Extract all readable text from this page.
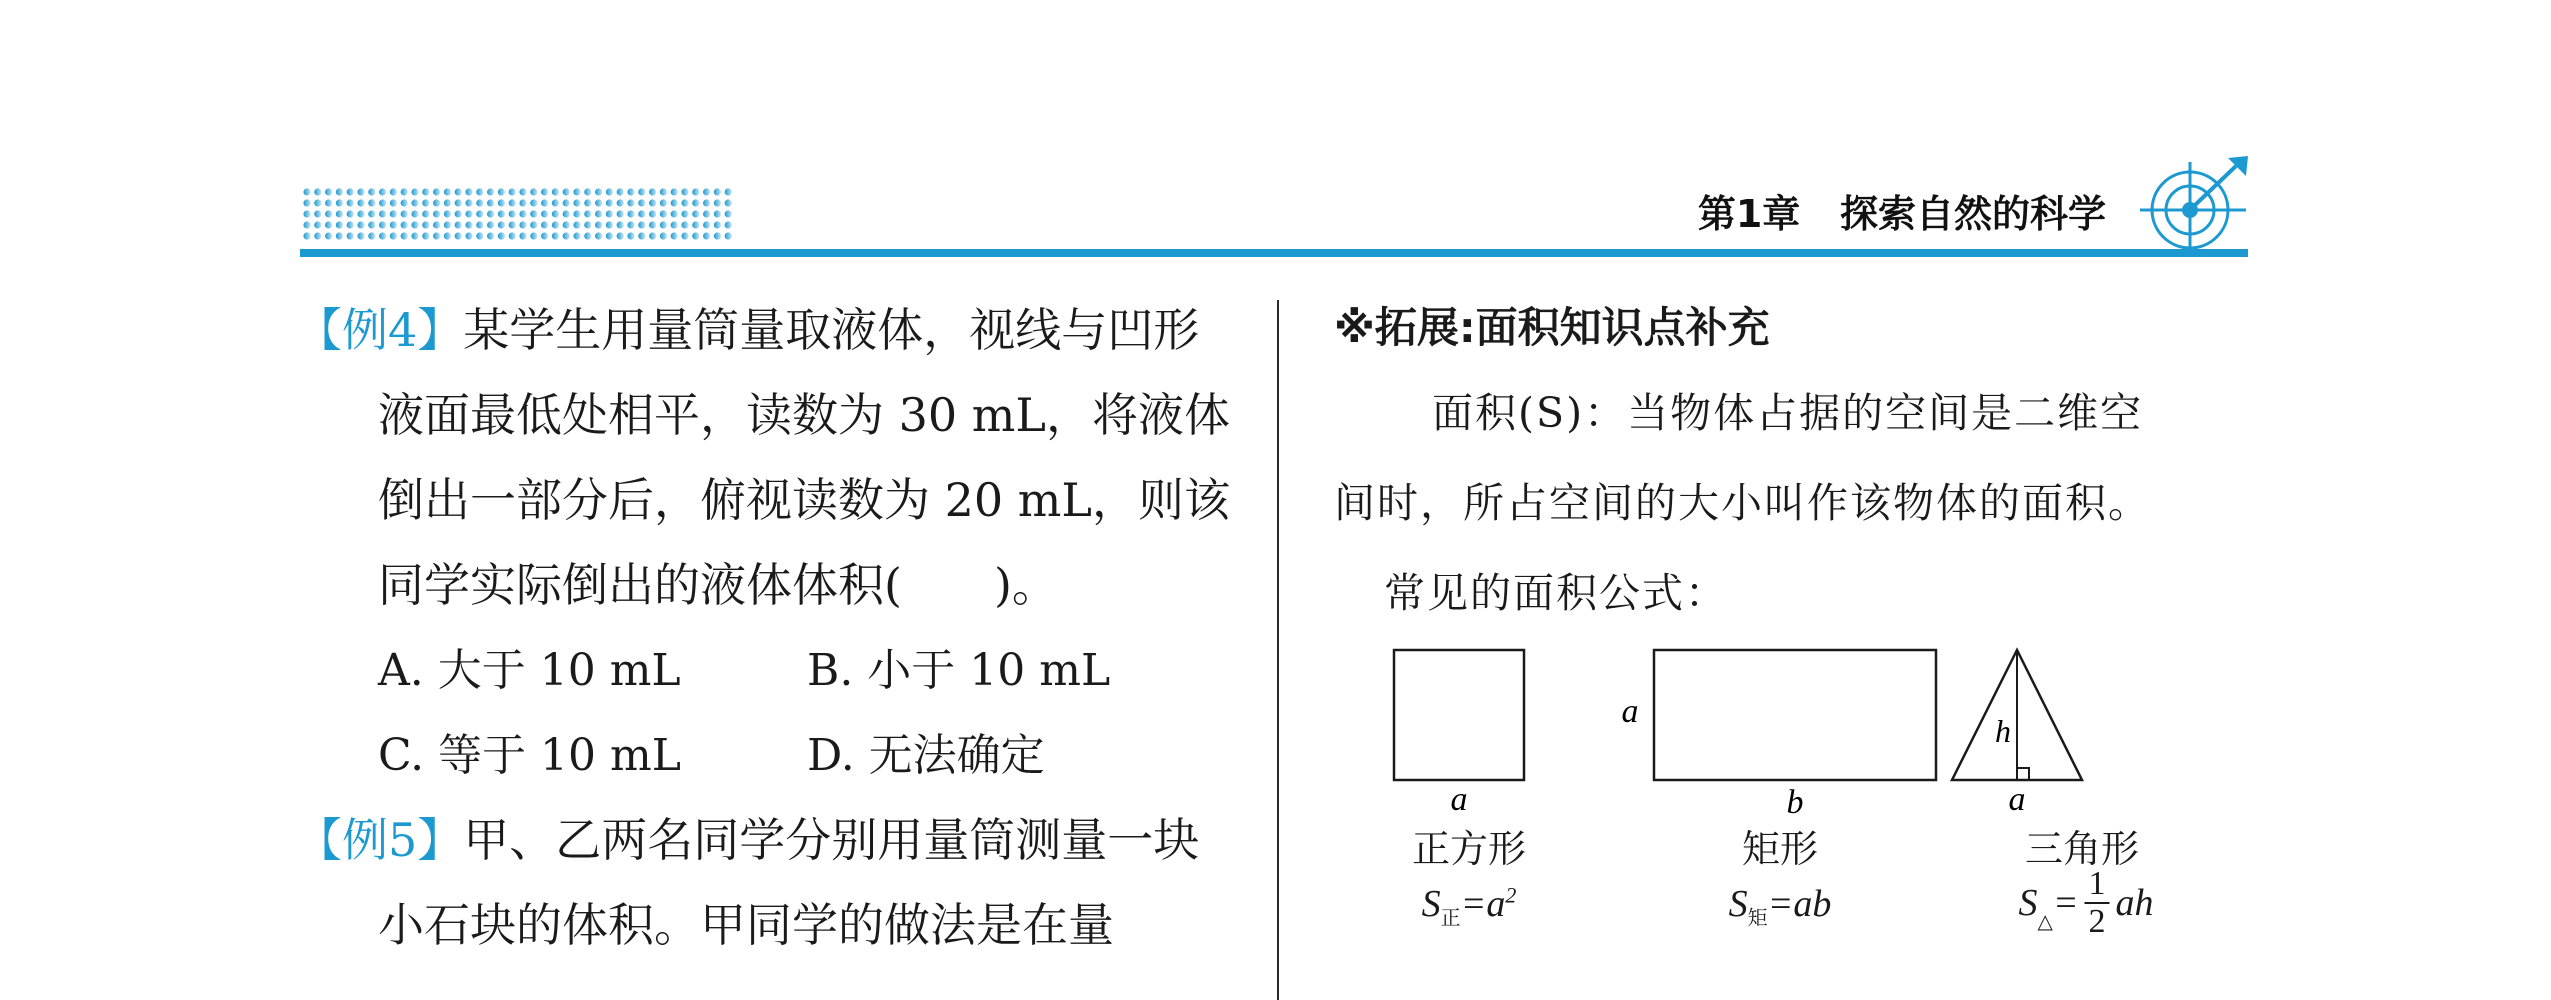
第1章   探索自然的科学
【例4】某学生用量筒量取液体，视线与凹形
液面最低处相平，读数为 30 mL，将液体
倒出一部分后，俯视读数为 20 mL，则该
同学实际倒出的液体体积(　　)。
A. 大于 10 mL	B. 小于 10 mL
C. 等于 10 mL	D. 无法确定
【例5】甲、乙两名同学分别用量筒测量一块
小石块的体积。甲同学的做法是在量
※拓展:面积知识点补充
面积(S)：当物体占据的空间是二维空
间时，所占空间的大小叫作该物体的面积。
常见的面积公式：
a
a
b
h
a
正方形	矩形	三角形
$S_正=a^2$	$S_矩=ab$	$S_\triangle = \frac{1}{2}$ ah
